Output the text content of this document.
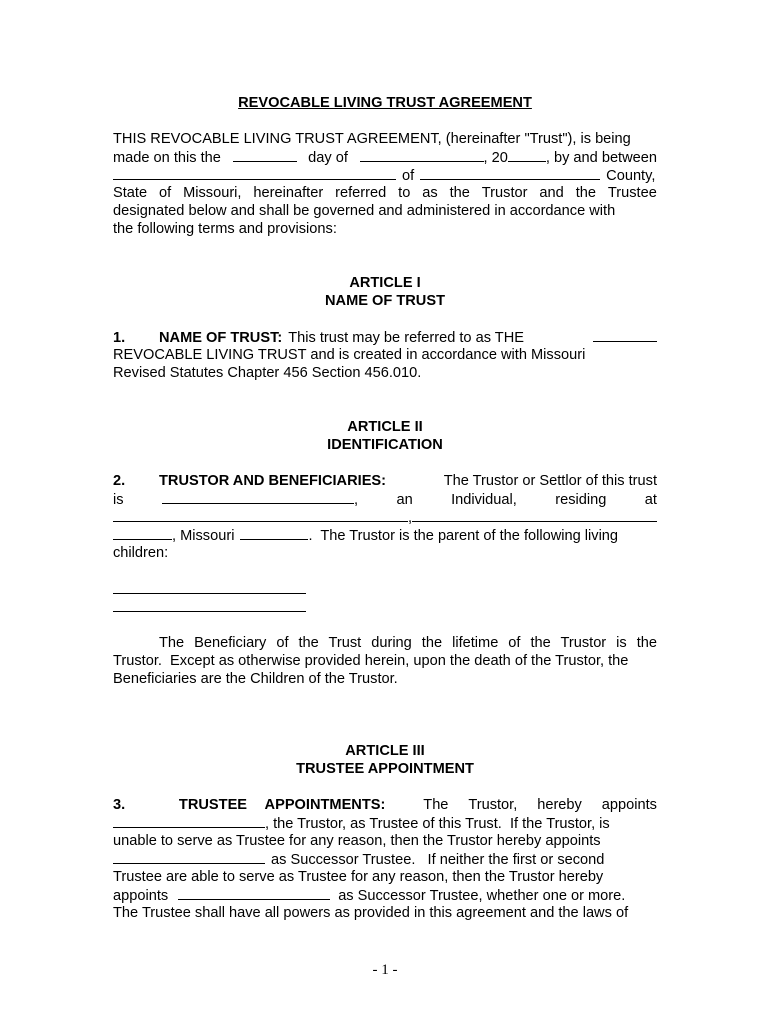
REVOCABLE LIVING TRUST AGREEMENT
THIS REVOCABLE LIVING TRUST AGREEMENT, (hereinafter "Trust"), is being
made on this the	day of	, 20	, by and between
of	County,
State of Missouri, hereinafter referred to as the Trustor and the Trustee
designated below and shall be governed and administered in accordance with
the following terms and provisions:
ARTICLE I
NAME OF TRUST
1.	NAME OF TRUST: This trust may be referred to as THE
REVOCABLE LIVING TRUST and is created in accordance with Missouri
Revised Statutes Chapter 456 Section 456.010.
ARTICLE II
IDENTIFICATION
2.	TRUSTOR AND BENEFICIARIES:	The Trustor or Settlor of this trust
is	,	an	Individual,	residing	at
,
, Missouri	.  The Trustor is the parent of the following living
children:
The Beneficiary of the Trust during the lifetime of the Trustor is the
Trustor.  Except as otherwise provided herein, upon the death of the Trustor, the
Beneficiaries are the Children of the Trustor.
ARTICLE III
TRUSTEE APPOINTMENT
3.	TRUSTEE APPOINTMENTS:	The Trustor, hereby appoints
, the Trustor, as Trustee of this Trust.  If the Trustor, is
unable to serve as Trustee for any reason, then the Trustor hereby appoints
as Successor Trustee.   If neither the first or second
Trustee are able to serve as Trustee for any reason, then the Trustor hereby
appoints	as Successor Trustee, whether one or more.
The Trustee shall have all powers as provided in this agreement and the laws of
- 1 -
